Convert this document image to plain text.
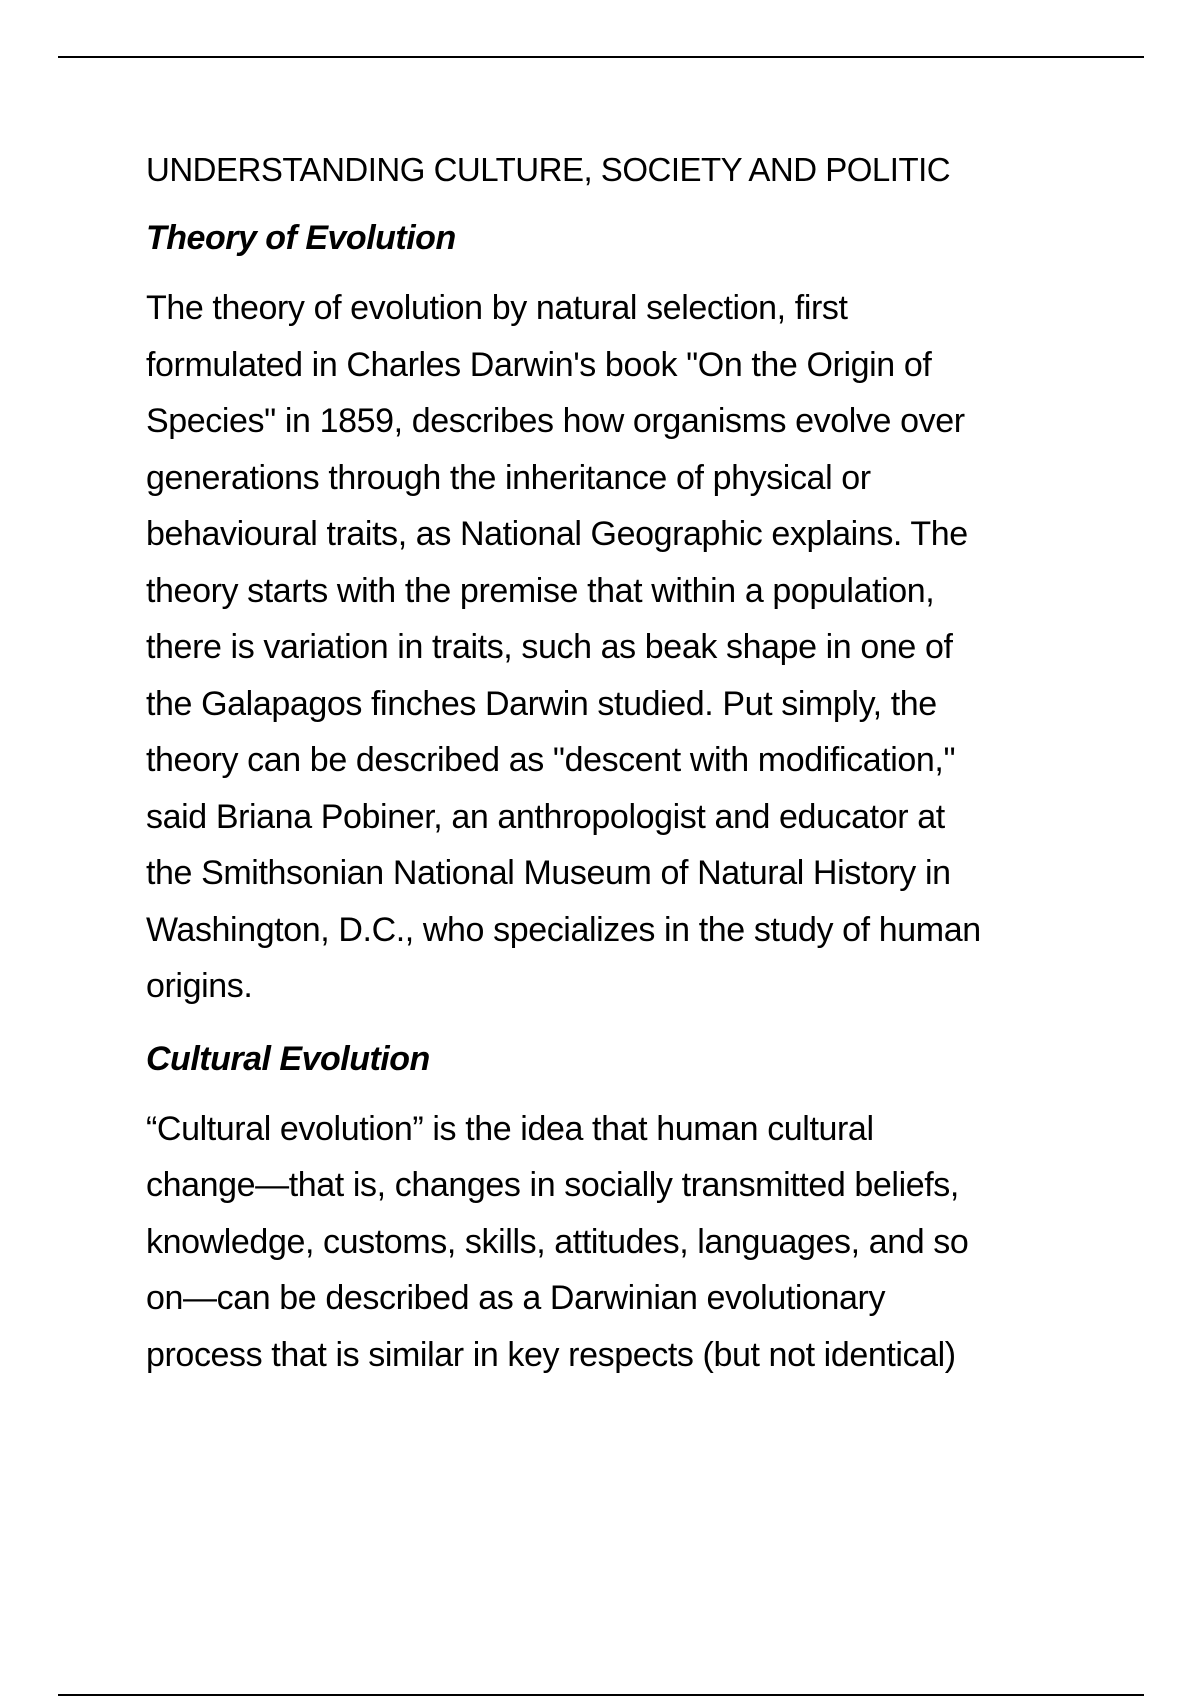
UNDERSTANDING CULTURE, SOCIETY AND POLITIC
Theory of Evolution

The theory of evolution by natural selection, first
formulated in Charles Darwin's book "On the Origin of
Species" in 1859, describes how organisms evolve over
generations through the inheritance of physical or
behavioural traits, as National Geographic explains. The
theory starts with the premise that within a population,
there is variation in traits, such as beak shape in one of
the Galapagos finches Darwin studied. Put simply, the
theory can be described as "descent with modification,"
said Briana Pobiner, an anthropologist and educator at
the Smithsonian National Museum of Natural History in
Washington, D.C., who specializes in the study of human
origins.

Cultural Evolution

“Cultural evolution” is the idea that human cultural
change—that is, changes in socially transmitted beliefs,
knowledge, customs, skills, attitudes, languages, and so
on—can be described as a Darwinian evolutionary
process that is similar in key respects (but not identical)
